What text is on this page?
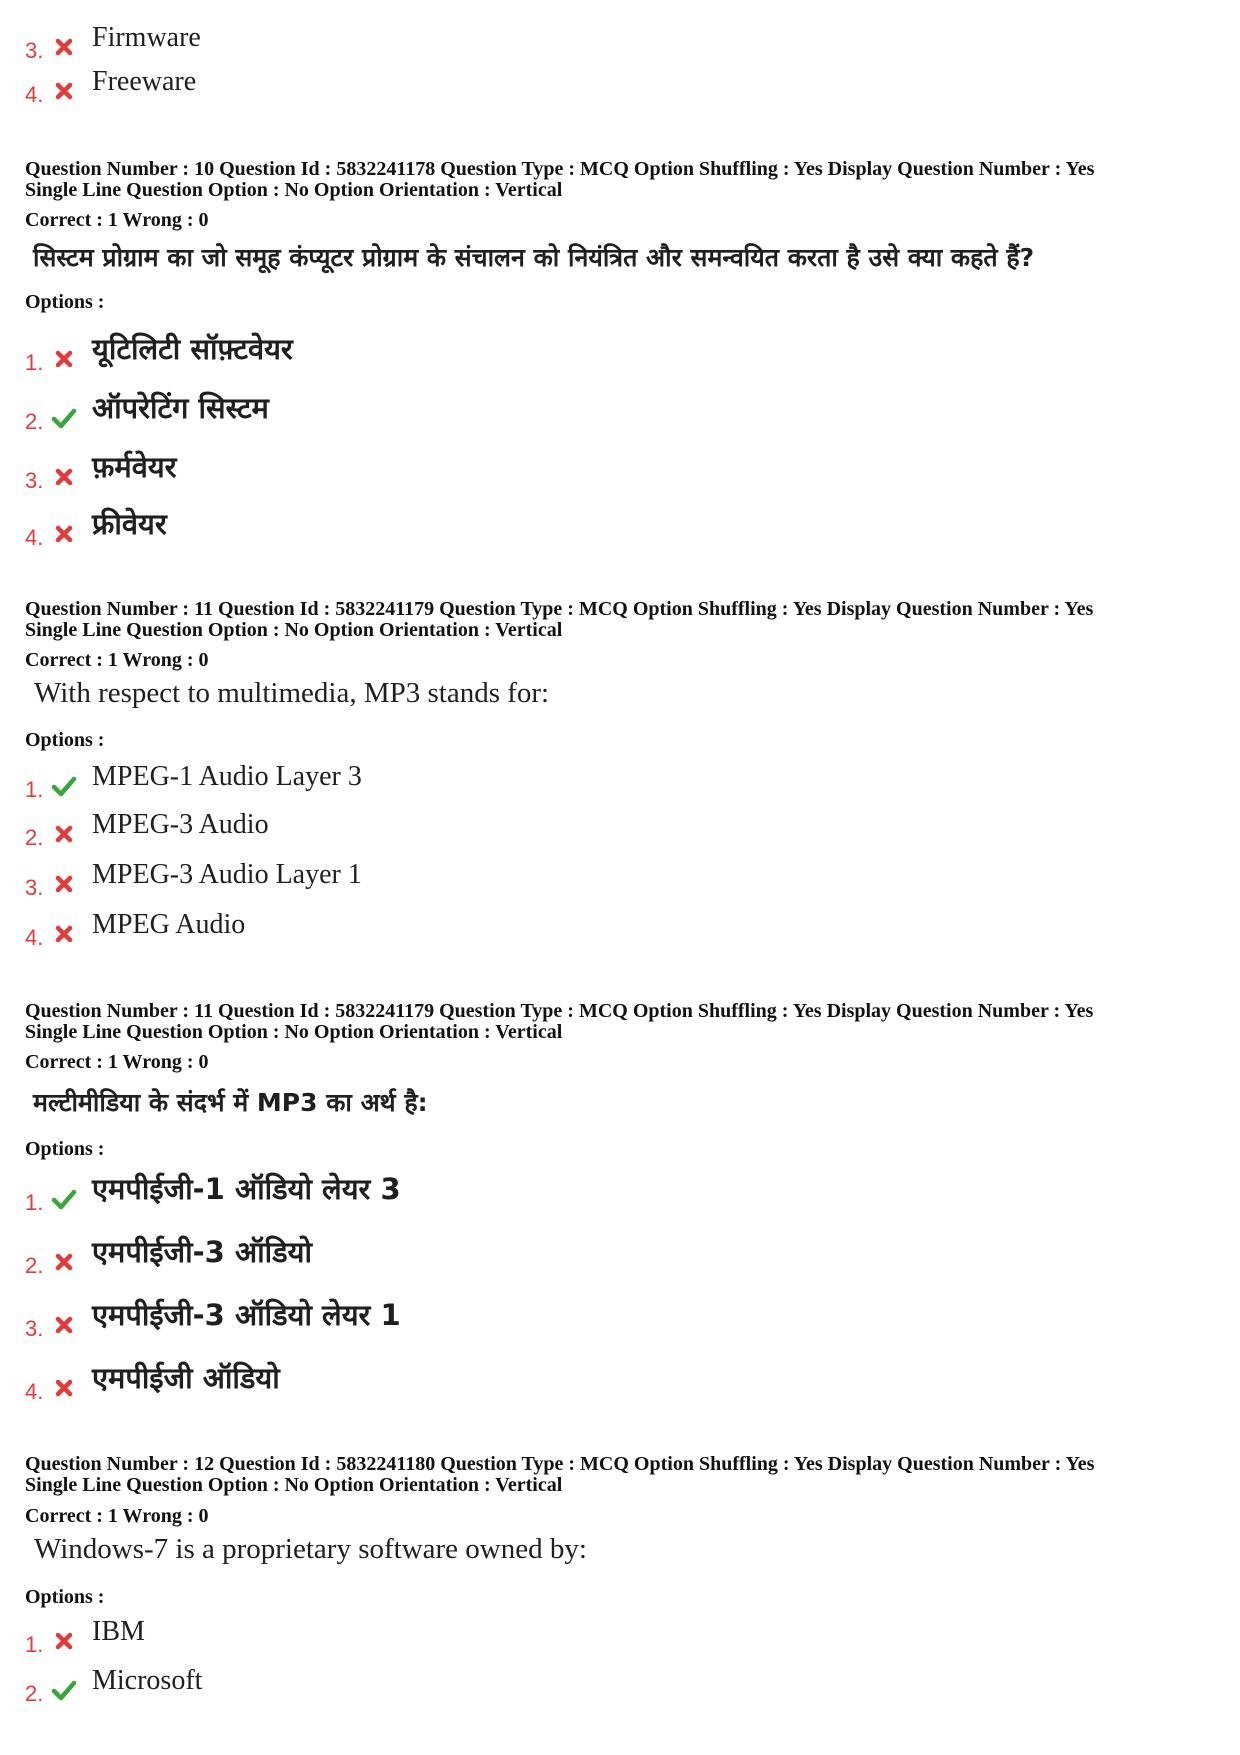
3. Firmware
4. Freeware
Question Number : 10 Question Id : 5832241178 Question Type : MCQ Option Shuffling : Yes Display Question Number : Yes
Single Line Question Option : No Option Orientation : Vertical
Correct : 1 Wrong : 0
सिस्टम प्रोग्राम का जो समूह कंप्यूटर प्रोग्राम के संचालन को नियंत्रित और समन्वयित करता है उसे क्या कहते हैं?
Options :
1. यूटिलिटी सॉफ़्टवेयर
2. ऑपरेटिंग सिस्टम
3. फ़र्मवेयर
4. फ्रीवेयर
Question Number : 11 Question Id : 5832241179 Question Type : MCQ Option Shuffling : Yes Display Question Number : Yes
Single Line Question Option : No Option Orientation : Vertical
Correct : 1 Wrong : 0
With respect to multimedia, MP3 stands for:
Options :
1. MPEG-1 Audio Layer 3
2. MPEG-3 Audio
3. MPEG-3 Audio Layer 1
4. MPEG Audio
Question Number : 11 Question Id : 5832241179 Question Type : MCQ Option Shuffling : Yes Display Question Number : Yes
Single Line Question Option : No Option Orientation : Vertical
Correct : 1 Wrong : 0
मल्टीमीडिया के संदर्भ में MP3 का अर्थ है:
Options :
1. एमपीईजी-1 ऑडियो लेयर 3
2. एमपीईजी-3 ऑडियो
3. एमपीईजी-3 ऑडियो लेयर 1
4. एमपीईजी ऑडियो
Question Number : 12 Question Id : 5832241180 Question Type : MCQ Option Shuffling : Yes Display Question Number : Yes
Single Line Question Option : No Option Orientation : Vertical
Correct : 1 Wrong : 0
Windows-7 is a proprietary software owned by:
Options :
1. IBM
2. Microsoft
